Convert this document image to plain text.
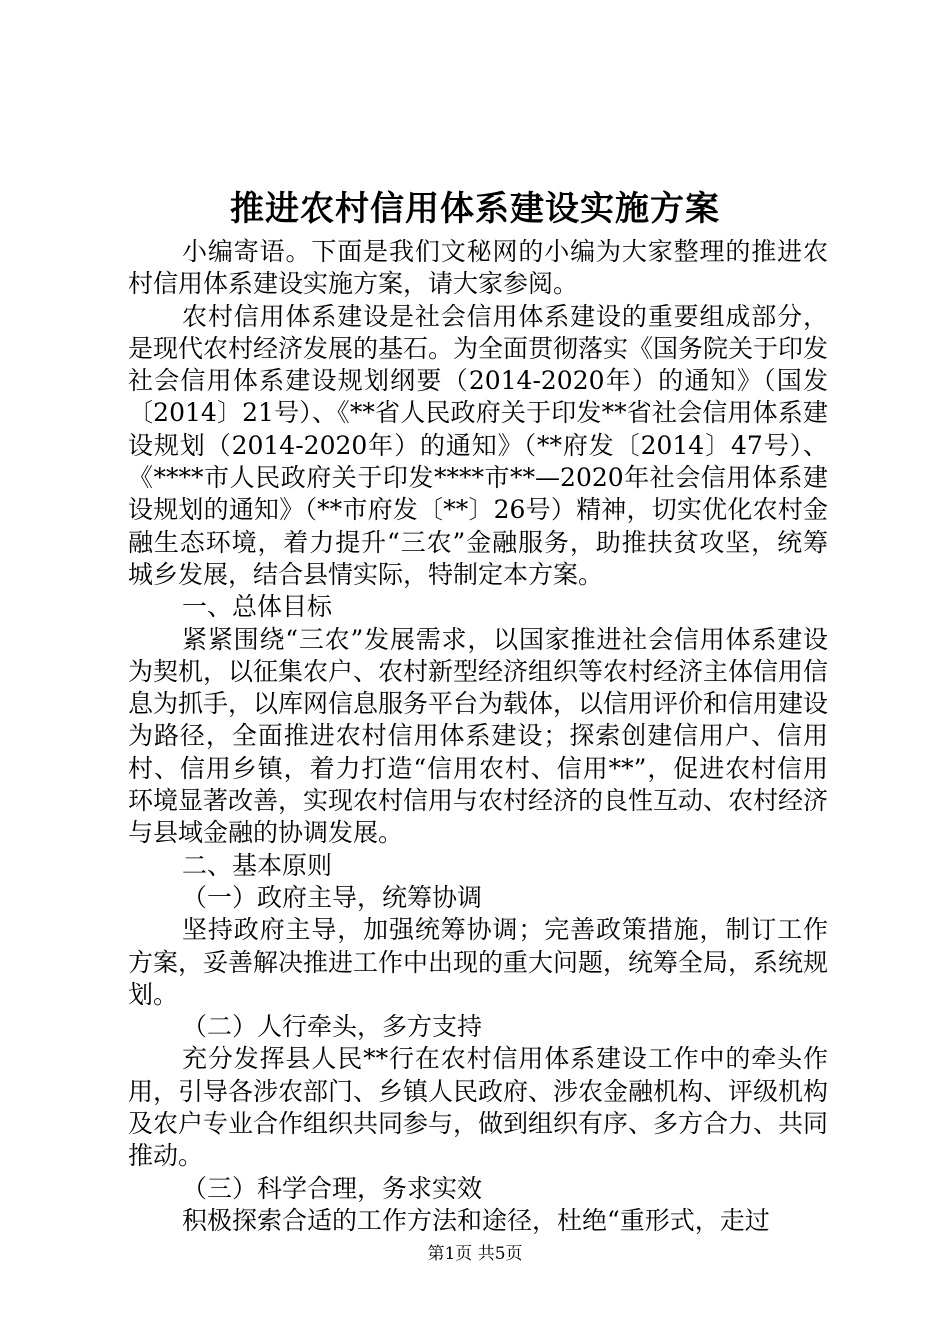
推进农村信用体系建设实施方案

小编寄语。下面是我们文秘网的小编为大家整理的推进农村信用体系建设实施方案，请大家参阅。

农村信用体系建设是社会信用体系建设的重要组成部分，是现代农村经济发展的基石。为全面贯彻落实《国务院关于印发社会信用体系建设规划纲要（2014-2020年）的通知》（国发〔2014〕21号）、《**省人民政府关于印发**省社会信用体系建设规划（2014-2020年）的通知》（**府发〔2014〕47号）、《****市人民政府关于印发****市**—2020年社会信用体系建设规划的通知》（**市府发〔**〕26号）精神，切实优化农村金融生态环境，着力提升“三农”金融服务，助推扶贫攻坚，统筹城乡发展，结合县情实际，特制定本方案。

一、总体目标

紧紧围绕“三农”发展需求，以国家推进社会信用体系建设为契机，以征集农户、农村新型经济组织等农村经济主体信用信息为抓手，以库网信息服务平台为载体，以信用评价和信用建设为路径，全面推进农村信用体系建设；探索创建信用户、信用村、信用乡镇，着力打造“信用农村、信用**”，促进农村信用环境显著改善，实现农村信用与农村经济的良性互动、农村经济与县域金融的协调发展。

二、基本原则

（一）政府主导，统筹协调

坚持政府主导，加强统筹协调；完善政策措施，制订工作方案，妥善解决推进工作中出现的重大问题，统筹全局，系统规划。

（二）人行牵头，多方支持

充分发挥县人民**行在农村信用体系建设工作中的牵头作用，引导各涉农部门、乡镇人民政府、涉农金融机构、评级机构及农户专业合作组织共同参与，做到组织有序、多方合力、共同推动。

（三）科学合理，务求实效

积极探索合适的工作方法和途径，杜绝“重形式，走过

第1页 共5页
